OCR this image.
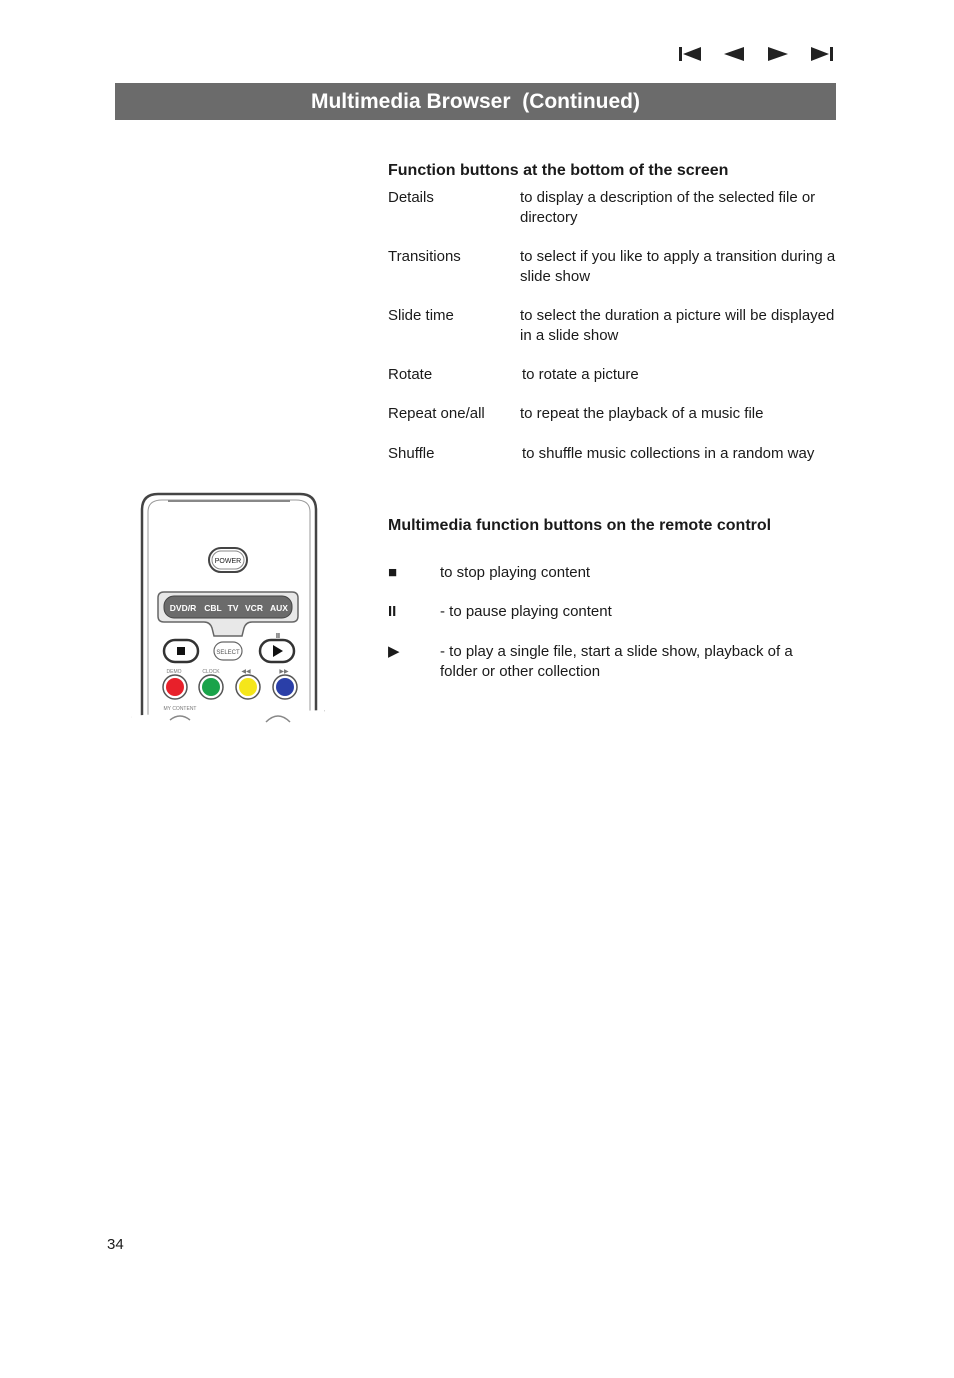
Multimedia Browser  (Continued)
Function buttons at the bottom of the screen
Details	to display a description of the selected file or directory
Transitions	to select if you like to apply a transition during a slide show
Slide time	to select the duration a picture will be displayed in a slide show
Rotate	to rotate a picture
Repeat one/all	to repeat the playback of a music file
Shuffle	to shuffle music collections in a random way
Multimedia function buttons on the remote control
■	to stop playing content
II	- to pause playing content
▶	- to play a single file, start a slide show, playback of a folder or other collection
POWER
DVD/R CBL TV VCR AUX
SELECT
II
DEMO	CLOCK	◀◀	▶▶
MY CONTENT
34
